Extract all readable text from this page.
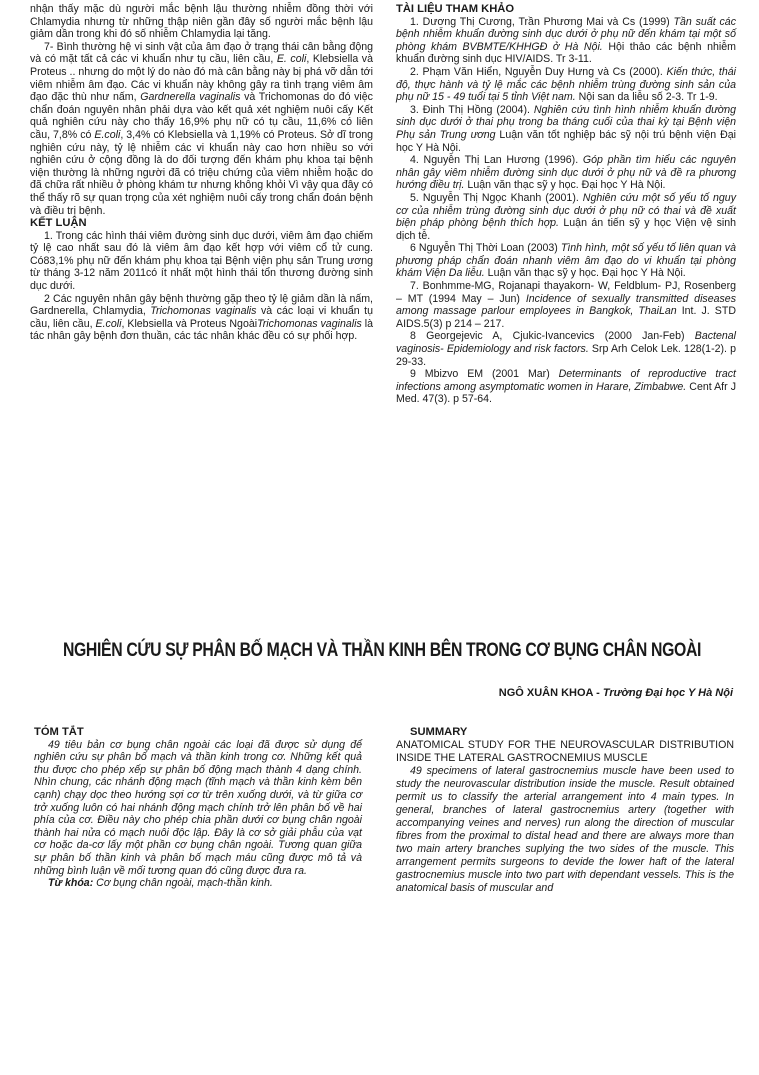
nhận thấy mặc dù người mắc bệnh lậu thường nhiễm đồng thời với Chlamydia nhưng từ những thập niên gần đây số người mắc bệnh lậu giảm dần trong khi đó số nhiễm Chlamydia lại tăng.

7- Bình thường hệ vi sinh vật của âm đạo ở trạng thái cân bằng động và có mặt tất cả các vi khuẩn như tụ cầu, liên cầu, E. coli, Klebsiella và Proteus .. nhưng do một lý do nào đó mà cân bằng này bị phá vỡ dẫn tới viêm nhiễm âm đạo. Các vi khuẩn này không gây ra tình trạng viêm âm đạo đặc thù như nấm, Gardnerella vaginalis và Trichomonas do đó việc chẩn đoán nguyên nhân phải dựa vào kết quả xét nghiệm nuôi cấy Kết quả nghiên cứu này cho thấy 16,9% phụ nữ có tụ cầu, 11,6% có liên cầu, 7,8% có E.coli, 3,4% có Klebsiella và 1,19% có Proteus. Sở dĩ trong nghiên cứu này, tỷ lệ nhiễm các vi khuẩn này cao hơn nhiều so với nghiên cứu ở cộng đồng là do đối tượng đến khám phụ khoa tại bệnh viện thường là những người đã có triệu chứng của viêm nhiễm hoặc do đã chữa rất nhiều ở phòng khám tư nhưng không khỏi Vì vậy qua đây có thể thấy rõ sự quan trọng của xét nghiệm nuôi cấy trong chẩn đoán bệnh và điều trị bệnh.

KẾT LUẬN

1. Trong các hình thái viêm đường sinh dục dưới, viêm âm đạo chiếm tỷ lệ cao nhất sau đó là viêm âm đạo kết hợp với viêm cổ tử cung. Có83,1% phụ nữ đến khám phụ khoa tại Bệnh viện phụ sản Trung ương từ tháng 3-12 năm 2011có ít nhất một hình thái tổn thương đường sinh dục dưới.

2 Các nguyên nhân gây bệnh thường gặp theo tỷ lệ giảm dần là nấm, Gardnerella, Chlamydia, Trichomonas vaginalis và các loại vi khuẩn tụ cầu, liên cầu, E.coli, Klebsiella và Proteus NgoàiTrichomonas vaginalis là tác nhân gây bệnh đơn thuần, các tác nhân khác đều có sự phối hợp.

TÀI LIỆU THAM KHẢO

1. Dương Thị Cương, Trần Phương Mai và Cs (1999) Tần suất các bệnh nhiễm khuẩn đường sinh dục dưới ở phụ nữ đến khám tại một số phòng khám BVBMTE/KHHGĐ ở Hà Nội. Hội thảo các bệnh nhiễm khuẩn đường sinh dục HIV/AIDS. Tr 3-11.

2. Phạm Văn Hiển, Nguyễn Duy Hưng và Cs (2000). Kiến thức, thái độ, thực hành và tỷ lệ mắc các bệnh nhiễm trùng đường sinh sản của phụ nữ 15 - 49 tuổi tại 5 tỉnh Việt nam. Nội san da liễu số 2-3. Tr 1-9.

3. Đinh Thị Hồng (2004). Nghiên cứu tình hình nhiễm khuẩn đường sinh dục dưới ở thai phụ trong ba tháng cuối của thai kỳ tại Bệnh viện Phụ sản Trung ương Luận văn tốt nghiệp bác sỹ nội trú bệnh viện Đại học Y Hà Nội.

4. Nguyễn Thị Lan Hương (1996). Góp phần tìm hiểu các nguyên nhân gây viêm nhiễm đường sinh dục dưới ở phụ nữ và đề ra phương hướng điều trị. Luận văn thạc sỹ y học. Đại học Y Hà Nội.

5. Nguyễn Thị Ngọc Khanh (2001). Nghiên cứu một số yếu tố nguy cơ của nhiễm trùng đường sinh dục dưới ở phụ nữ có thai và đề xuất biện pháp phòng bệnh thích hợp. Luận án tiến sỹ y học Viện vệ sinh dịch tễ.

6 Nguyễn Thị Thời Loan (2003) Tình hình, một số yếu tố liên quan và phương pháp chẩn đoán nhanh viêm âm đạo do vi khuẩn tại phòng khám Viện Da liễu. Luận văn thạc sỹ y học. Đại học Y Hà Nội.

7. Bonhmme-MG, Rojanapi thayakorn- W, Feldblum- PJ, Rosenberg – MT (1994 May – Jun) Incidence of sexually transmitted diseases among massage parlour employees in Bangkok, ThaiLan Int. J. STD AIDS.5(3) p 214 – 217.

8 Georgejevic A, Cjukic-Ivancevics (2000 Jan-Feb) Bactenal vaginosis- Epidemiology and risk factors. Srp Arh Celok Lek. 128(1-2). p 29-33.

9 Mbizvo EM (2001 Mar) Determinants of reproductive tract infections among asymptomatic women in Harare, Zimbabwe. Cent Afr J Med. 47(3). p 57-64.

NGHIÊN CỨU SỰ PHÂN BỐ MẠCH VÀ THẦN KINH BÊN TRONG CƠ BỤNG CHÂN NGOÀI
NGÔ XUÂN KHOA - Trường Đại học Y Hà Nội

TÓM TẮT

49 tiêu bản cơ bụng chân ngoài các loại đã được sử dụng để nghiên cứu sự phân bố mạch và thần kinh trong cơ. Những kết quả thu được cho phép xếp sự phân bố động mạch thành 4 dạng chính. Nhìn chung, các nhánh động mạch (tĩnh mạch và thần kinh kèm bên cạnh) chạy dọc theo hướng sợi cơ từ trên xuống dưới, và từ giữa cơ trở xuống luôn có hai nhánh động mạch chính trở lên phân bố về hai phía của cơ. Điều này cho phép chia phần dưới cơ bụng chân ngoài thành hai nửa có mạch nuôi độc lập. Đây là cơ sở giải phẫu của vạt cơ hoặc da-cơ lấy một phần cơ bụng chân ngoài. Tương quan giữa sự phân bố thần kinh và phân bố mạch máu cũng được mô tả và những bình luận về mối tương quan đó cũng được đưa ra.

Từ khóa: Cơ bụng chân ngoài, mạch-thần kinh.

SUMMARY

ANATOMICAL STUDY FOR THE NEUROVASCULAR DISTRIBUTION INSIDE THE LATERAL GASTROCNEMIUS MUSCLE

49 specimens of lateral gastrocnemius muscle have been used to study the neurovascular distribution inside the muscle. Result obtained permit us to classify the arterial arrangement into 4 main types. In general, branches of lateral gastrocnemius artery (together with accompanying veines and nerves) run along the direction of muscular fibres from the proximal to distal head and there are always more than two main artery branches suplying the two sides of the muscle. This arrangement permits surgeons to devide the lower haft of the lateral gastrocnemius muscle into two part with dependant vessels. This is the anatomical basis of muscular and
